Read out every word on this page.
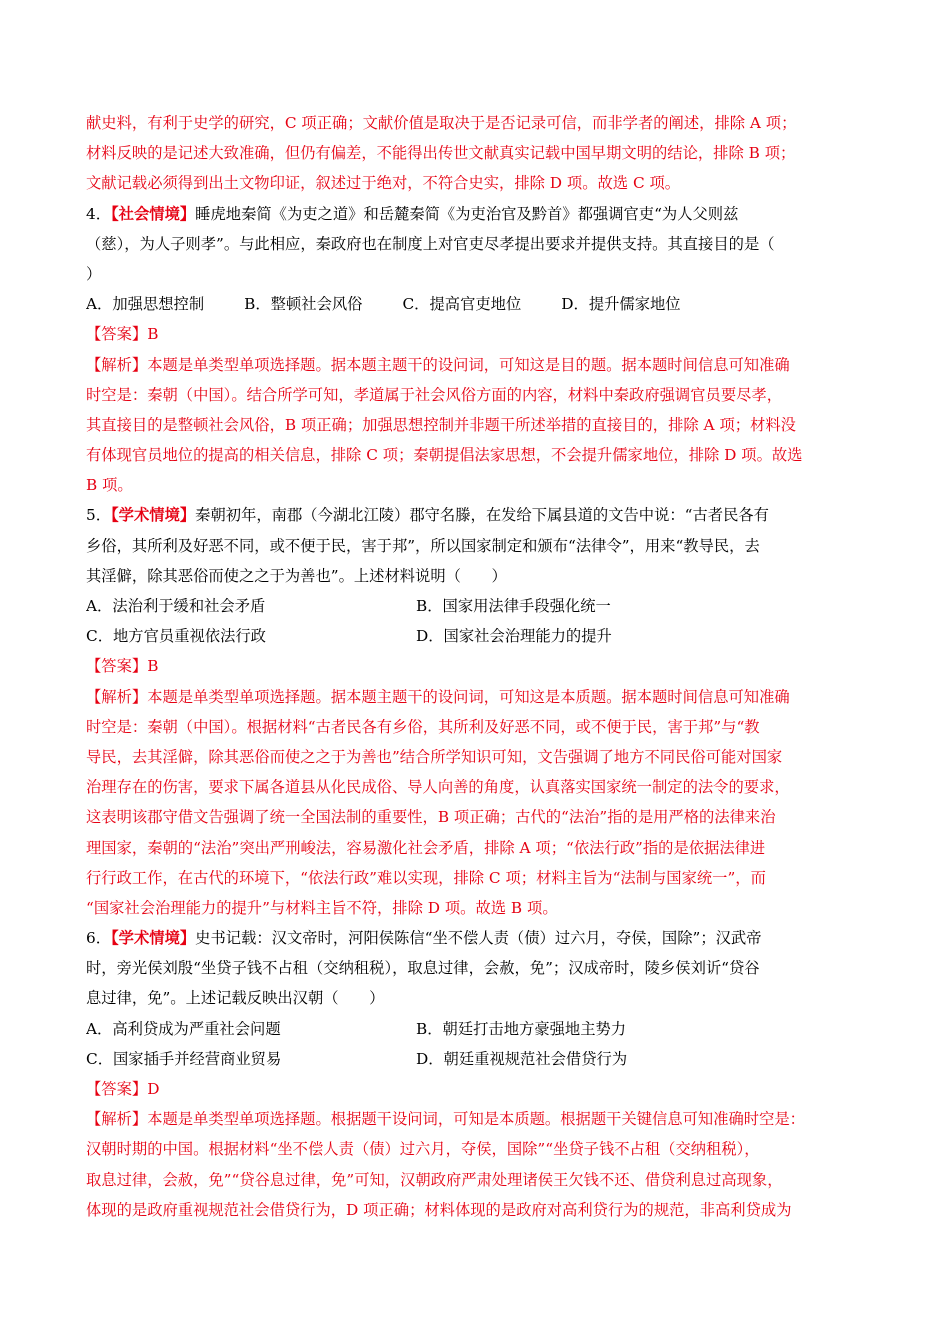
献史料，有利于史学的研究，C 项正确；文献价值是取决于是否记录可信，而非学者的阐述，排除 A 项；
材料反映的是记述大致准确，但仍有偏差，不能得出传世文献真实记载中国早期文明的结论，排除 B 项；
文献记载必须得到出土文物印证，叙述过于绝对，不符合史实，排除 D 项。故选 C 项。
4．【社会情境】睡虎地秦简《为吏之道》和岳麓秦简《为吏治官及黔首》都强调官吏“为人父则兹
（慈），为人子则孝”。与此相应，秦政府也在制度上对官吏尽孝提出要求并提供支持。其直接目的是（
）
A．加强思想控制	B．整顿社会风俗	C．提高官吏地位	D．提升儒家地位
【答案】B
【解析】本题是单类型单项选择题。据本题主题干的设问词，可知这是目的题。据本题时间信息可知准确
时空是：秦朝（中国）。结合所学可知，孝道属于社会风俗方面的内容，材料中秦政府强调官员要尽孝，
其直接目的是整顿社会风俗，B 项正确；加强思想控制并非题干所述举措的直接目的，排除 A 项；材料没
有体现官员地位的提高的相关信息，排除 C 项；秦朝提倡法家思想，不会提升儒家地位，排除 D 项。故选
B 项。
5．【学术情境】秦朝初年，南郡（今湖北江陵）郡守名滕，在发给下属县道的文告中说：“古者民各有
乡俗，其所利及好恶不同，或不便于民，害于邦”，所以国家制定和颁布“法律令”，用来“教导民，去
其淫僻，除其恶俗而使之之于为善也”。上述材料说明（　　）
A．法治利于缓和社会矛盾	B．国家用法律手段强化统一
C．地方官员重视依法行政	D．国家社会治理能力的提升
【答案】B
【解析】本题是单类型单项选择题。据本题主题干的设问词，可知这是本质题。据本题时间信息可知准确
时空是：秦朝（中国）。根据材料“古者民各有乡俗，其所利及好恶不同，或不便于民，害于邦”与“教
导民，去其淫僻，除其恶俗而使之之于为善也”结合所学知识可知，文告强调了地方不同民俗可能对国家
治理存在的伤害，要求下属各道县从化民成俗、导人向善的角度，认真落实国家统一制定的法令的要求，
这表明该郡守借文告强调了统一全国法制的重要性，B 项正确；古代的“法治”指的是用严格的法律来治
理国家，秦朝的“法治”突出严刑峻法，容易激化社会矛盾，排除 A 项；“依法行政”指的是依据法律进
行行政工作，在古代的环境下，“依法行政”难以实现，排除 C 项；材料主旨为“法制与国家统一”，而
“国家社会治理能力的提升”与材料主旨不符，排除 D 项。故选 B 项。
6．【学术情境】史书记载：汉文帝时，河阳侯陈信“坐不偿人责（债）过六月，夺侯，国除”；汉武帝
时，旁光侯刘殷“坐贷子钱不占租（交纳租税），取息过律，会赦，免”；汉成帝时，陵乡侯刘䜣“贷谷
息过律，免”。上述记载反映出汉朝（　　）
A．高利贷成为严重社会问题	B．朝廷打击地方豪强地主势力
C．国家插手并经营商业贸易	D．朝廷重视规范社会借贷行为
【答案】D
【解析】本题是单类型单项选择题。根据题干设问词，可知是本质题。根据题干关键信息可知准确时空是：
汉朝时期的中国。根据材料“坐不偿人责（债）过六月，夺侯，国除”“坐贷子钱不占租（交纳租税），
取息过律，会赦，免”“贷谷息过律，免”可知，汉朝政府严肃处理诸侯王欠钱不还、借贷利息过高现象，
体现的是政府重视规范社会借贷行为，D 项正确；材料体现的是政府对高利贷行为的规范，非高利贷成为
